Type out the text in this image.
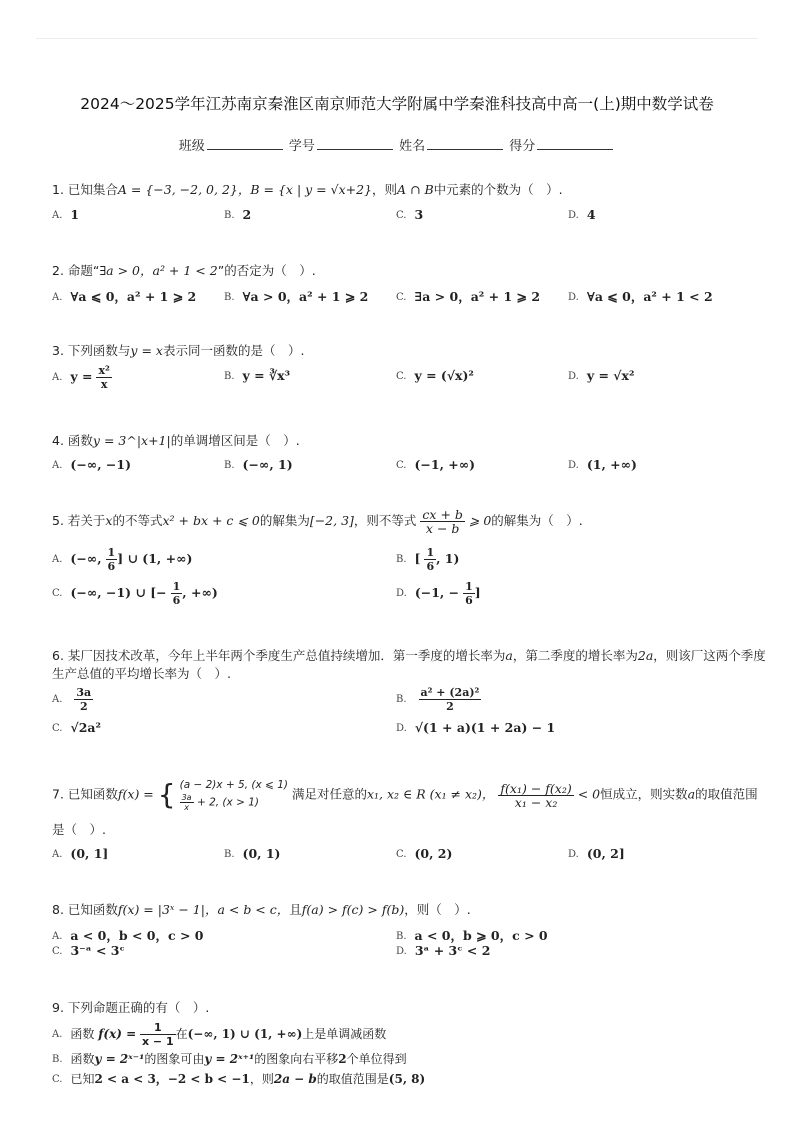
2024～2025学年江苏南京秦淮区南京师范大学附属中学秦淮科技高中高一(上)期中数学试卷
班级	学号	姓名	得分
1. 已知集合A = {−3, −2, 0, 2}，B = {x | y = √x+2}，则A ∩ B中元素的个数为（　）.
A. 1	B. 2	C. 3	D. 4
2. 命题“∃a > 0，a² + 1 < 2”的否定为（　）.
A. ∀a ⩽ 0，a² + 1 ⩾ 2	B. ∀a > 0，a² + 1 ⩾ 2	C. ∃a > 0，a² + 1 ⩾ 2	D. ∀a ⩽ 0，a² + 1 < 2
3. 下列函数与y = x表示同一函数的是（　）.
A. $y = \frac{\text{x²}}{x}$	B. y = ∛x³	C. y = (√x)²	D. y = √x²
4. 函数y = 3^|x+1|的单调增区间是（　）.
A. (−∞, −1)	B. (−∞, 1)	C. (−1, +∞)	D. (1, +∞)
5. 若关于x的不等式x² + bx + c ⩽ 0的解集为[−2, 3]，则不等式 $\frac{cx + b}{x - b}$ ⩾ 0的解集为（　）.
A. (−∞, $\frac{1}{6}$ ] ∪ (1, +∞)	B. [ $\frac{1}{6}$ , 1)
C. (−∞, −1) ∪ [− $\frac{1}{6}$ , +∞)	D. (−1, − $\frac{1}{6}$ ]
6. 某厂因技术改革，今年上半年两个季度生产总值持续增加．第一季度的增长率为a，第二季度的增长率为2a，则该厂这两个季度
生产总值的平均增长率为（　）.
A. $\frac{3a}{2}$	B. $\frac{\text{a² + (2a)²}}{2}$
C. √2a²	D. √(1 + a)(1 + 2a) − 1
7. 已知函数f(x) = { (a − 2)x + 5, (x ⩽ 1)
$\frac{3a}{x} + 2$, (x > 1)
满足对任意的x₁, x₂ ∈ R (x₁ ≠ x₂)， $\frac{\text{f(x₁) − f(x₂)}}{\text{x₁ − x₂}} < 0$恒成立，则实数a的取值范围
是（　）.
A. (0, 1]	B. (0, 1)	C. (0, 2)	D. (0, 2]
8. 已知函数f(x) = |3ˣ − 1|，a < b < c，且f(a) > f(c) > f(b)，则（　）.
A. a < 0，b < 0，c > 0	B. a < 0，b ⩾ 0，c > 0
C. 3⁻ᵃ < 3ᶜ	D. 3ᵃ + 3ᶜ < 2
9. 下列命题正确的有（　）.
A. 函数 $f(x) = \frac{1}{x - 1}$ 在(−∞, 1) ∪ (1, +∞)上是单调减函数
B. 函数y = 2ˣ⁻¹的图象可由y = 2ˣ⁺¹的图象向右平移2个单位得到
C. 已知2 < a < 3，−2 < b < −1，则2a − b的取值范围是(5, 8)
